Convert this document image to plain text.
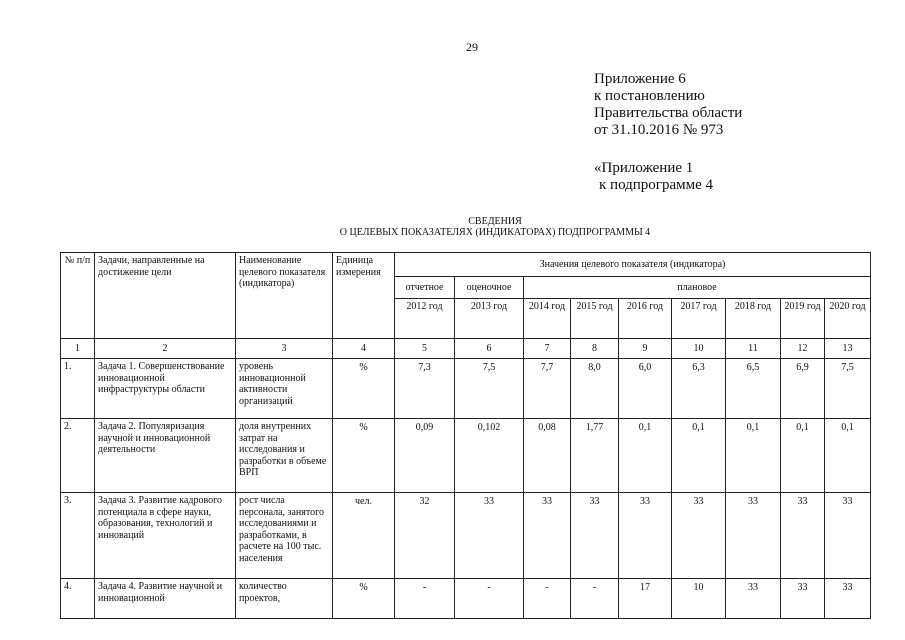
29
Приложение 6
к постановлению
Правительства области
от 31.10.2016 № 973
«Приложение 1
к подпрограмме 4
СВЕДЕНИЯ
О ЦЕЛЕВЫХ ПОКАЗАТЕЛЯХ (ИНДИКАТОРАХ) ПОДПРОГРАММЫ 4
№ п/п	Задачи, направленные на достижение цели	Наименование целевого показателя (индикатора)	Единица измерения	Значения целевого показателя (индикатора)								
				отчетное	оценочное	плановое						
				2012 год	2013 год	2014 год	2015 год	2016 год	2017 год	2018 год	2019 год	2020 год
1	2	3	4	5	6	7	8	9	10	11	12	13
1.	Задача 1. Совершенствование инновационной инфраструктуры области	уровень инновационной активности организаций	%	7,3	7,5	7,7	8,0	6,0	6,3	6,5	6,9	7,5
2.	Задача 2. Популяризация научной и инновационной деятельности	доля внутренних затрат на исследования и разработки в объеме ВРП	%	0,09	0,102	0,08	1,77	0,1	0,1	0,1	0,1	0,1
3.	Задача 3. Развитие кадрового потенциала в сфере науки, образования, технологий и инноваций	рост числа персонала, занятого исследованиями и разработками, в расчете на 100 тыс. населения	чел.	32	33	33	33	33	33	33	33	33
4.	Задача 4. Развитие научной и инновационной	количество проектов,	%	-	-	-	-	17	10	33	33	33
